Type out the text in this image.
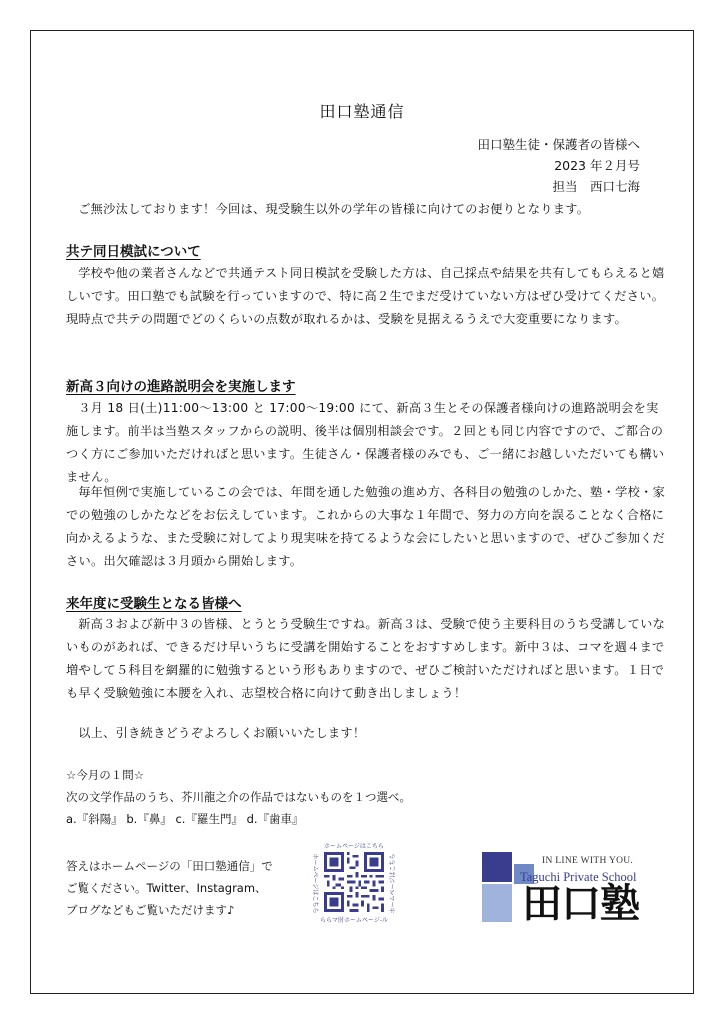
田口塾通信
田口塾生徒・保護者の皆様へ
2023 年２月号
担当　西口七海
ご無沙汰しております！今回は、現受験生以外の学年の皆様に向けてのお便りとなります。
共テ同日模試について
学校や他の業者さんなどで共通テスト同日模試を受験した方は、自己採点や結果を共有してもらえると嬉しいです。田口塾でも試験を行っていますので、特に高２生でまだ受けていない方はぜひ受けてください。現時点で共テの問題でどのくらいの点数が取れるかは、受験を見据えるうえで大変重要になります。
新高３向けの進路説明会を実施します
３月 18 日(土)11:00～13:00 と 17:00～19:00 にて、新高３生とその保護者様向けの進路説明会を実施します。前半は当塾スタッフからの説明、後半は個別相談会です。２回とも同じ内容ですので、ご都合のつく方にご参加いただければと思います。生徒さん・保護者様のみでも、ご一緒にお越しいただいても構いません。
毎年恒例で実施しているこの会では、年間を通した勉強の進め方、各科目の勉強のしかた、塾・学校・家での勉強のしかたなどをお伝えしています。これからの大事な１年間で、努力の方向を誤ることなく合格に向かえるような、また受験に対してより現実味を持てるような会にしたいと思いますので、ぜひご参加ください。出欠確認は３月頭から開始します。
来年度に受験生となる皆様へ
新高３および新中３の皆様、とうとう受験生ですね。新高３は、受験で使う主要科目のうち受講していないものがあれば、できるだけ早いうちに受講を開始することをおすすめします。新中３は、コマを週４まで増やして５科目を網羅的に勉強するという形もありますので、ぜひご検討いただければと思います。１日でも早く受験勉強に本腰を入れ、志望校合格に向けて動き出しましょう！
以上、引き続きどうぞよろしくお願いいたします！
☆今月の１問☆
次の文学作品のうち、芥川龍之介の作品ではないものを１つ選べ。
a.『斜陽』 b.『鼻』 c.『羅生門』 d.『歯車』
答えはホームページの「田口塾通信」で
ご覧ください。Twitter、Instagram、
ブログなどもご覧いただけます♪
ホームページはこちら
ホームページはこちら	ホームページはこちら
ららマ肘ホームページ-ル
IN LINE WITH YOU.
Taguchi Private School
田口塾
